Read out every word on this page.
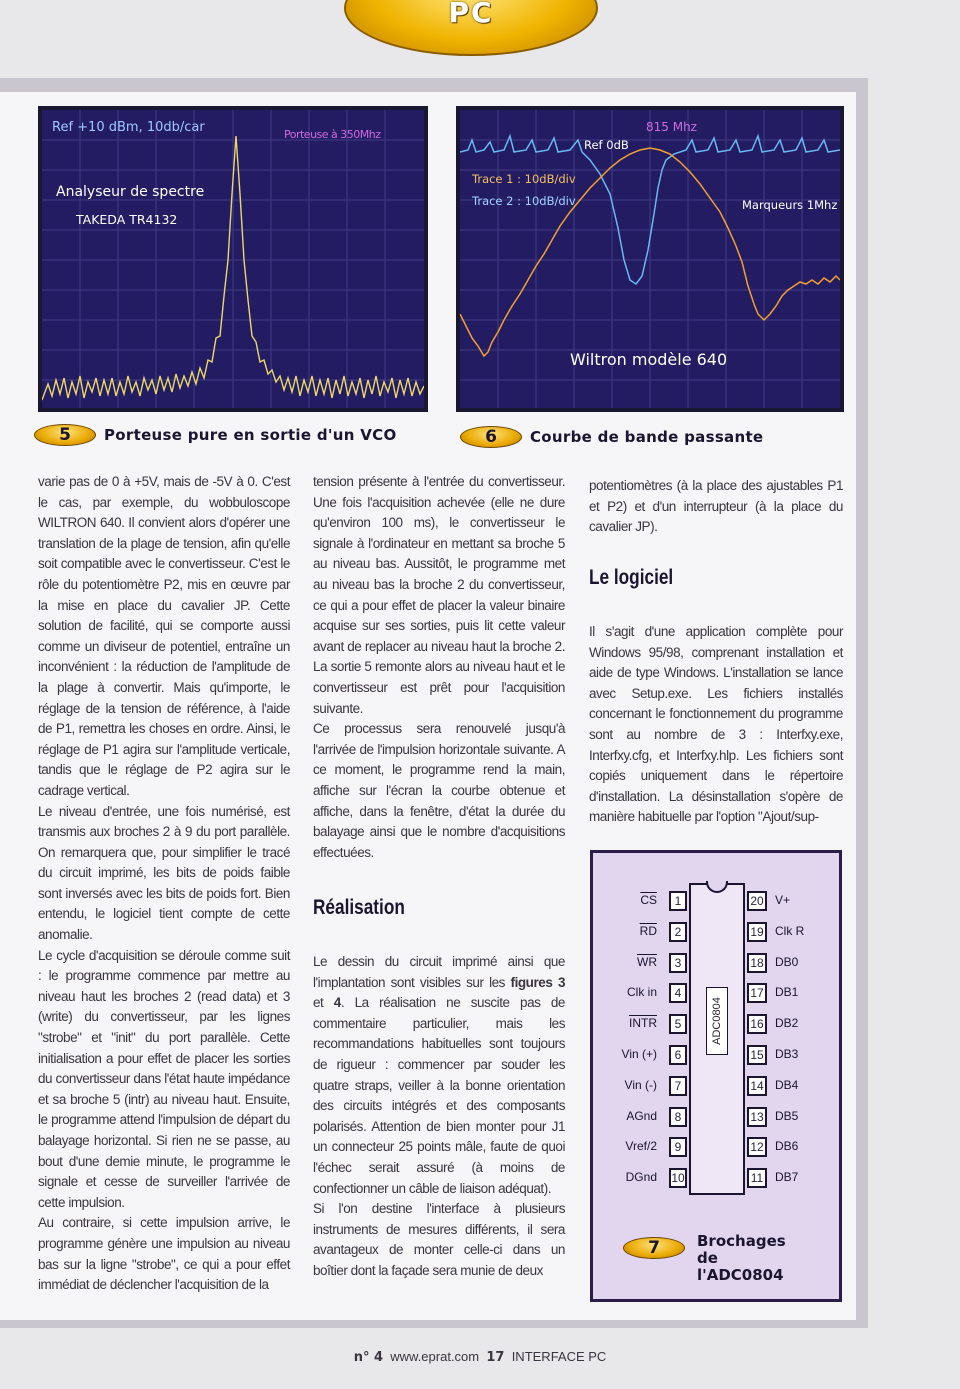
PC
Ref +10 dBm, 10db/car	Porteuse à 350Mhz
Analyseur de spectre
TAKEDA TR4132
815 Mhz
Ref 0dB
Trace 1 : 10dB/div
Trace 2 : 10dB/div	Marqueurs 1Mhz
Wiltron modèle 640
5	Porteuse pure en sortie d'un VCO	6	Courbe de bande passante

varie pas de 0 à +5V, mais de -5V à 0. C'est le cas, par exemple, du wobbuloscope WILTRON 640. Il convient alors d'opérer une translation de la plage de tension, afin qu'elle soit compatible avec le convertisseur. C'est le rôle du potentiomètre P2, mis en œuvre par la mise en place du cavalier JP. Cette solution de facilité, qui se comporte aussi comme un diviseur de potentiel, entraîne un inconvénient : la réduction de l'amplitude de la plage à convertir. Mais qu'importe, le réglage de la tension de référence, à l'aide de P1, remettra les choses en ordre. Ainsi, le réglage de P1 agira sur l'amplitude verticale, tandis que le réglage de P2 agira sur le cadrage vertical.

Le niveau d'entrée, une fois numérisé, est transmis aux broches 2 à 9 du port parallèle. On remarquera que, pour simplifier le tracé du circuit imprimé, les bits de poids faible sont inversés avec les bits de poids fort. Bien entendu, le logiciel tient compte de cette anomalie.

Le cycle d'acquisition se déroule comme suit : le programme commence par mettre au niveau haut les broches 2 (read data) et 3 (write) du convertisseur, par les lignes "strobe" et "init" du port parallèle. Cette initialisation a pour effet de placer les sorties du convertisseur dans l'état haute impédance et sa broche 5 (intr) au niveau haut. Ensuite, le programme attend l'impulsion de départ du balayage horizontal. Si rien ne se passe, au bout d'une demie minute, le programme le signale et cesse de surveiller l'arrivée de cette impulsion.

Au contraire, si cette impulsion arrive, le programme génère une impulsion au niveau bas sur la ligne "strobe", ce qui a pour effet immédiat de déclencher l'acquisition de la

tension présente à l'entrée du convertisseur. Une fois l'acquisition achevée (elle ne dure qu'environ 100 ms), le convertisseur le signale à l'ordinateur en mettant sa broche 5 au niveau bas. Aussitôt, le programme met au niveau bas la broche 2 du convertisseur, ce qui a pour effet de placer la valeur binaire acquise sur ses sorties, puis lit cette valeur avant de replacer au niveau haut la broche 2. La sortie 5 remonte alors au niveau haut et le convertisseur est prêt pour l'acquisition suivante.

Ce processus sera renouvelé jusqu'à l'arrivée de l'impulsion horizontale suivante. A ce moment, le programme rend la main, affiche sur l'écran la courbe obtenue et affiche, dans la fenêtre, d'état la durée du balayage ainsi que le nombre d'acquisitions effectuées.

Réalisation

Le dessin du circuit imprimé ainsi que l'implantation sont visibles sur les figures 3 et 4. La réalisation ne suscite pas de commentaire particulier, mais les recommandations habituelles sont toujours de rigueur : commencer par souder les quatre straps, veiller à la bonne orientation des circuits intégrés et des composants polarisés. Attention de bien monter pour J1 un connecteur 25 points mâle, faute de quoi l'échec serait assuré (à moins de confectionner un câble de liaison adéquat).

Si l'on destine l'interface à plusieurs instruments de mesures différents, il sera avantageux de monter celle-ci dans un boîtier dont la façade sera munie de deux

potentiomètres (à la place des ajustables P1 et P2) et d'un interrupteur (à la place du cavalier JP).

Le logiciel

Il s'agit d'une application complète pour Windows 95/98, comprenant installation et aide de type Windows. L'installation se lance avec Setup.exe. Les fichiers installés concernant le fonctionnement du programme sont au nombre de 3 : Interfxy.exe, Interfxy.cfg, et Interfxy.hlp. Les fichiers sont copiés uniquement dans le répertoire d'installation. La désinstallation s'opère de manière habituelle par l'option "Ajout/sup-

ADC0804
$\overline{CS}$	1
$\overline{RD}$	2
$\overline{WR}$	3
Clk in	4
INTR	5
Vin (+)	6
Vin (-)	7
AGnd	8
Vref/2	9
DGnd 10
20 V+
19 Clk R
18 DB0
17 DB1
16 DB2
15 DB3
14 DB4
13 DB5
12 DB6
11 DB7
7	Brochages
de
l'ADC0804
n° 4 www.eprat.com 17 INTERFACE PC
